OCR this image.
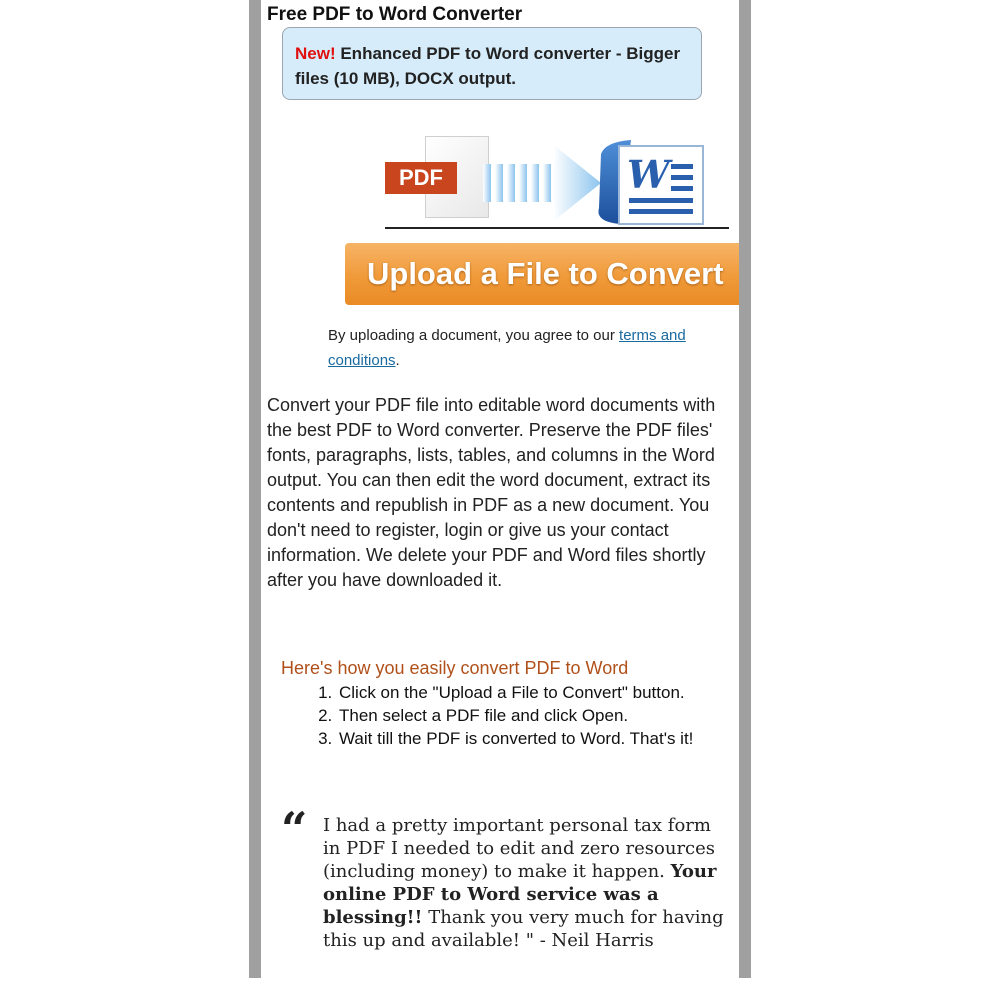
Free PDF to Word Converter
New! Enhanced PDF to Word converter - Bigger files (10 MB), DOCX output.
PDF	W
Upload a File to Convert
By uploading a document, you agree to our terms and conditions.
Convert your PDF file into editable word documents with the best PDF to Word converter. Preserve the PDF files' fonts, paragraphs, lists, tables, and columns in the Word output. You can then edit the word document, extract its contents and republish in PDF as a new document. You don't need to register, login or give us your contact information. We delete your PDF and Word files shortly after you have downloaded it.
Here's how you easily convert PDF to Word
1. Click on the "Upload a File to Convert" button.
2. Then select a PDF file and click Open.
3. Wait till the PDF is converted to Word. That's it!
“ I had a pretty important personal tax form in PDF I needed to edit and zero resources (including money) to make it happen. Your online PDF to Word service was a blessing!! Thank you very much for having this up and available! " - Neil Harris
